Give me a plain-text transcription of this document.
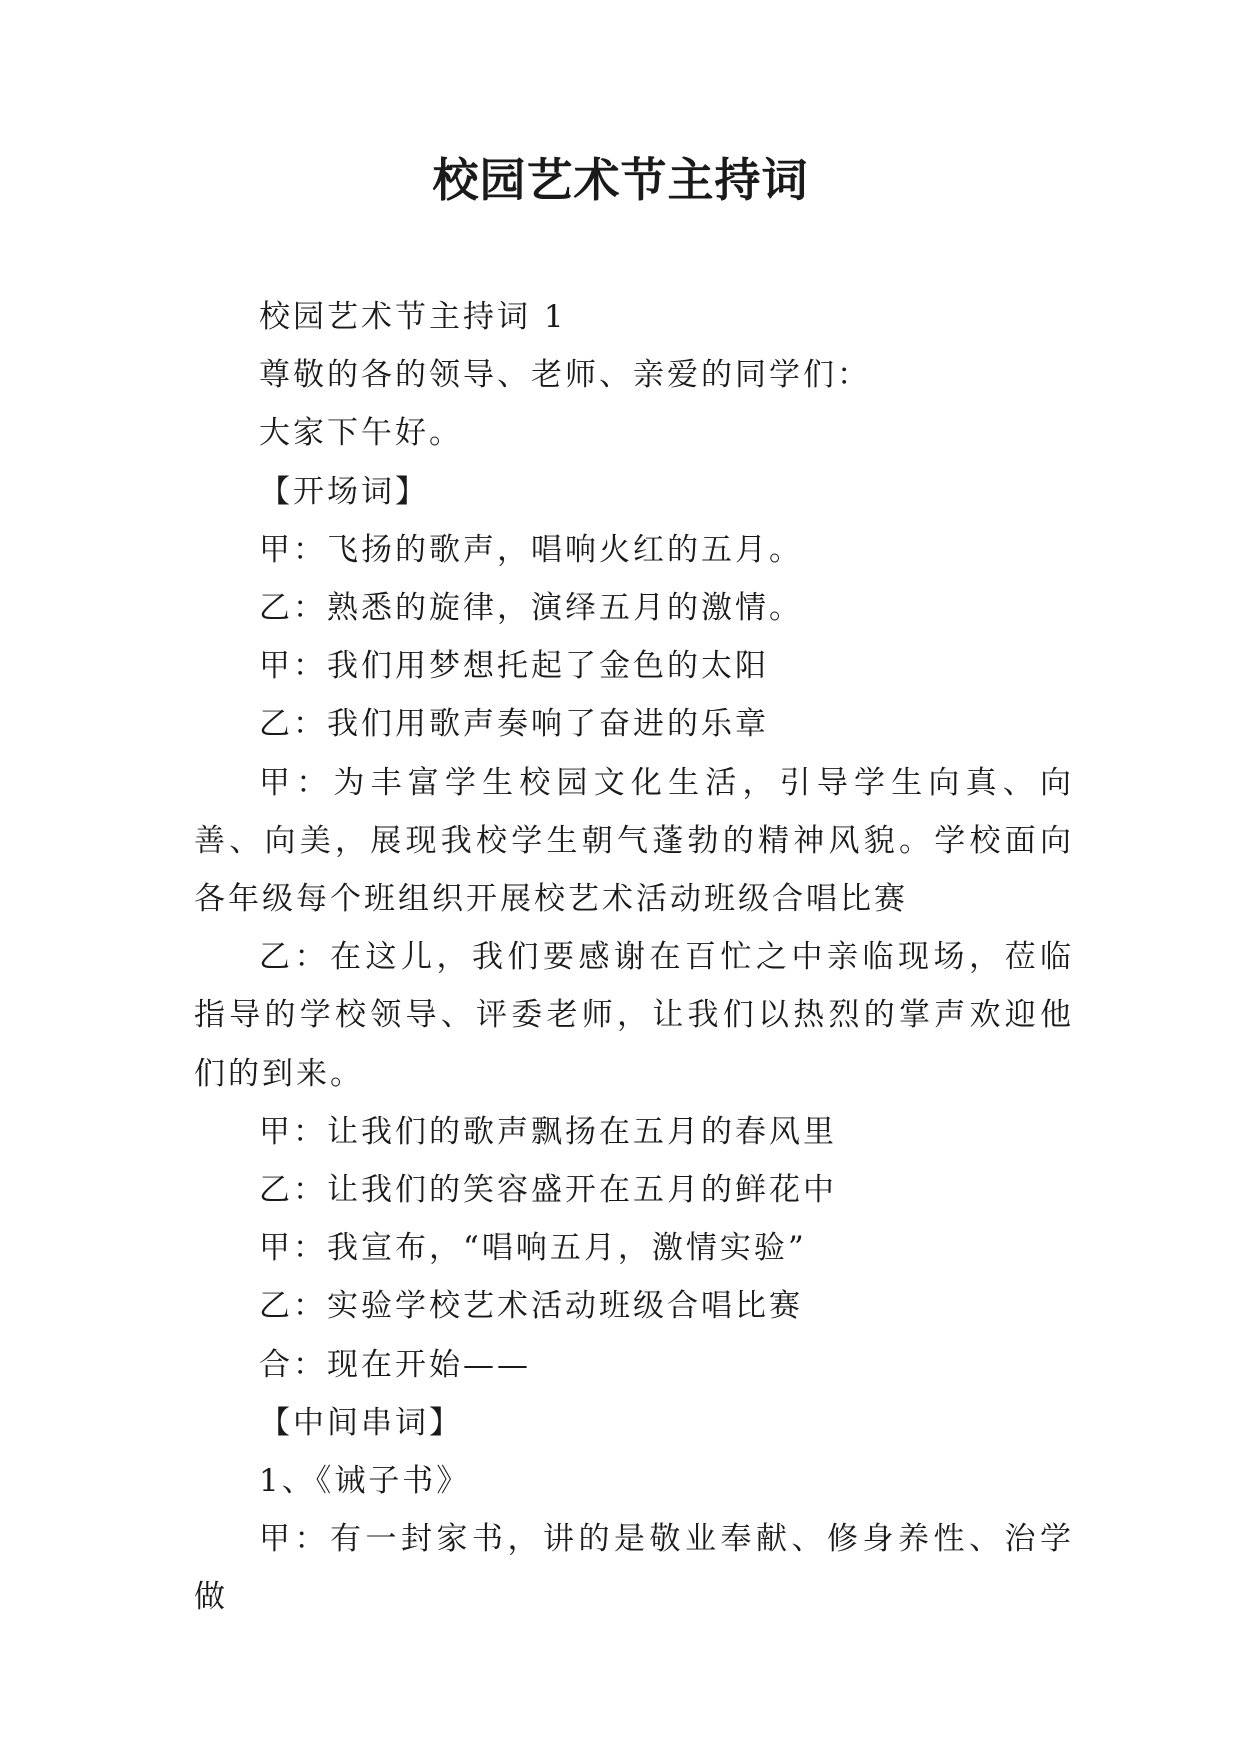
校园艺术节主持词

校园艺术节主持词 1

尊敬的各的领导、老师、亲爱的同学们：

大家下午好。

【开场词】

甲：飞扬的歌声，唱响火红的五月。

乙：熟悉的旋律，演绎五月的激情。

甲：我们用梦想托起了金色的太阳

乙：我们用歌声奏响了奋进的乐章

甲：为丰富学生校园文化生活，引导学生向真、向善、向美，展现我校学生朝气蓬勃的精神风貌。学校面向各年级每个班组织开展校艺术活动班级合唱比赛

乙：在这儿，我们要感谢在百忙之中亲临现场，莅临指导的学校领导、评委老师，让我们以热烈的掌声欢迎他们的到来。

甲：让我们的歌声飘扬在五月的春风里

乙：让我们的笑容盛开在五月的鲜花中

甲：我宣布，“唱响五月，激情实验”

乙：实验学校艺术活动班级合唱比赛

合：现在开始——

【中间串词】

1、《诫子书》

甲：有一封家书，讲的是敬业奉献、修身养性、治学做
